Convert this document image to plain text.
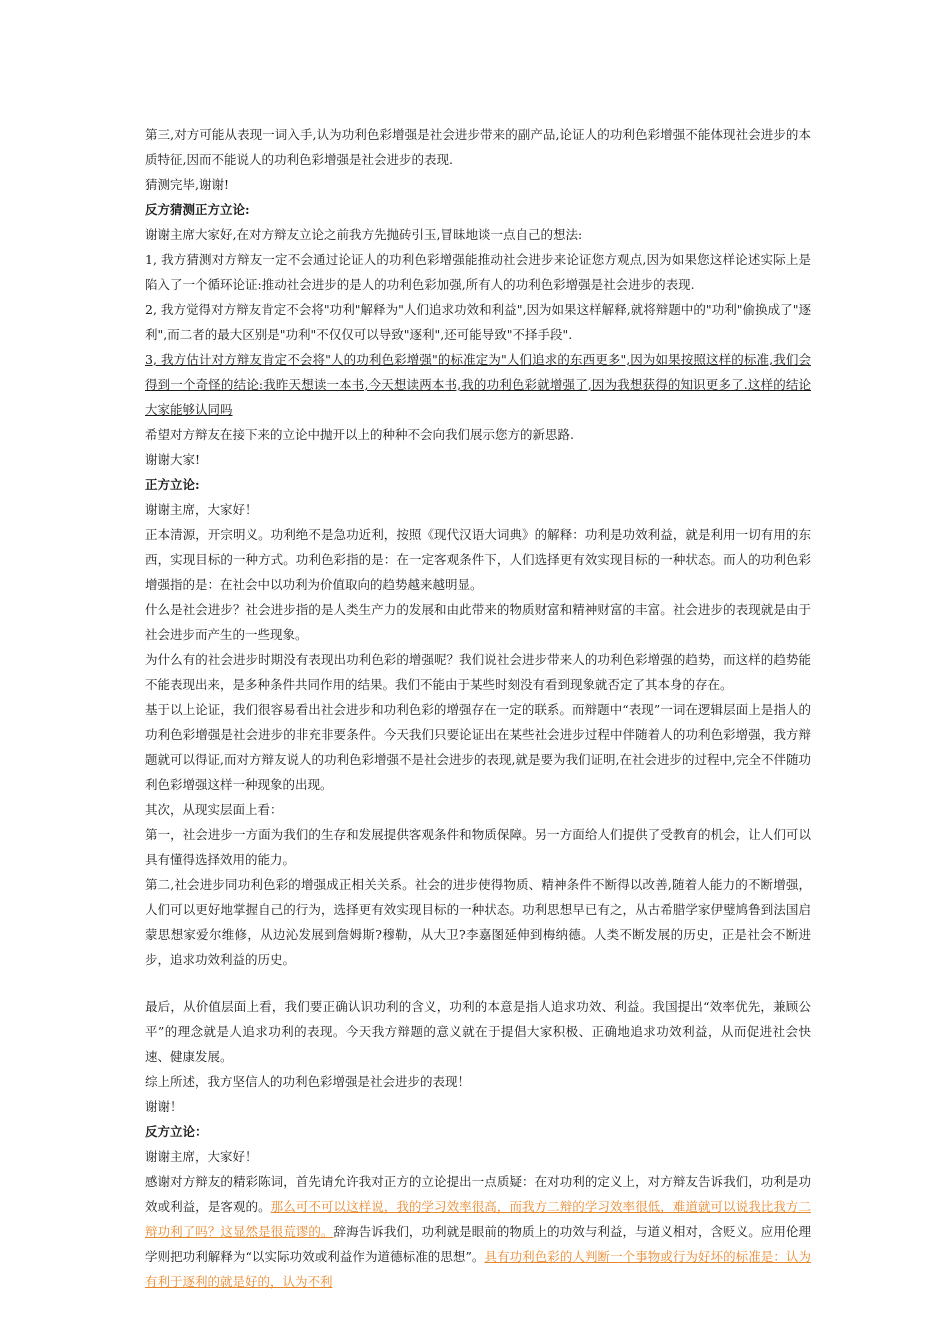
第三,对方可能从表现一词入手,认为功利色彩增强是社会进步带来的副产品,论证人的功利色彩增强不能体现社会进步的本质特征,因而不能说人的功利色彩增强是社会进步的表现.

猜测完毕,谢谢!

反方猜测正方立论:

谢谢主席大家好,在对方辩友立论之前我方先抛砖引玉,冒昧地谈一点自己的想法:

1, 我方猜测对方辩友一定不会通过论证人的功利色彩增强能推动社会进步来论证您方观点,因为如果您这样论述实际上是陷入了一个循环论证:推动社会进步的是人的功利色彩加强,所有人的功利色彩增强是社会进步的表现.

2, 我方觉得对方辩友肯定不会将"功利"解释为"人们追求功效和利益",因为如果这样解释,就将辩题中的"功利"偷换成了"逐利",而二者的最大区别是"功利"不仅仅可以导致"逐利",还可能导致"不择手段".

3, 我方估计对方辩友肯定不会将"人的功利色彩增强"的标准定为"人们追求的东西更多",因为如果按照这样的标准,我们会得到一个奇怪的结论:我昨天想读一本书,今天想读两本书,我的功利色彩就增强了,因为我想获得的知识更多了.这样的结论大家能够认同吗

希望对方辩友在接下来的立论中抛开以上的种种不会向我们展示您方的新思路.

谢谢大家!

正方立论:

谢谢主席，大家好！

正本清源，开宗明义。功利绝不是急功近利，按照《现代汉语大词典》的解释：功利是功效利益，就是利用一切有用的东西，实现目标的一种方式。功利色彩指的是：在一定客观条件下，人们选择更有效实现目标的一种状态。而人的功利色彩增强指的是：在社会中以功利为价值取向的趋势越来越明显。

什么是社会进步？社会进步指的是人类生产力的发展和由此带来的物质财富和精神财富的丰富。社会进步的表现就是由于社会进步而产生的一些现象。

为什么有的社会进步时期没有表现出功利色彩的增强呢？我们说社会进步带来人的功利色彩增强的趋势，而这样的趋势能不能表现出来，是多种条件共同作用的结果。我们不能由于某些时刻没有看到现象就否定了其本身的存在。

基于以上论证，我们很容易看出社会进步和功利色彩的增强存在一定的联系。而辩题中“表现”一词在逻辑层面上是指人的功利色彩增强是社会进步的非充非要条件。今天我们只要论证出在某些社会进步过程中伴随着人的功利色彩增强，我方辩题就可以得证,而对方辩友说人的功利色彩增强不是社会进步的表现,就是要为我们证明,在社会进步的过程中,完全不伴随功利色彩增强这样一种现象的出现。

其次，从现实层面上看：

第一，社会进步一方面为我们的生存和发展提供客观条件和物质保障。另一方面给人们提供了受教育的机会，让人们可以具有懂得选择效用的能力。

第二,社会进步同功利色彩的增强成正相关关系。社会的进步使得物质、精神条件不断得以改善,随着人能力的不断增强，人们可以更好地掌握自己的行为，选择更有效实现目标的一种状态。功利思想早已有之，从古希腊学家伊璧鸠鲁到法国启蒙思想家爱尔维修，从边沁发展到詹姆斯?穆勒，从大卫?李嘉图延伸到梅纳德。人类不断发展的历史，正是社会不断进步，追求功效利益的历史。

最后，从价值层面上看，我们要正确认识功利的含义，功利的本意是指人追求功效、利益。我国提出“效率优先，兼顾公平”的理念就是人追求功利的表现。今天我方辩题的意义就在于提倡大家积极、正确地追求功效利益，从而促进社会快速、健康发展。

综上所述，我方坚信人的功利色彩增强是社会进步的表现！

谢谢！

反方立论：

谢谢主席，大家好！

感谢对方辩友的精彩陈词，首先请允许我对正方的立论提出一点质疑：在对功利的定义上，对方辩友告诉我们，功利是功效或利益，是客观的。那么可不可以这样说，我的学习效率很高，而我方二辩的学习效率很低，难道就可以说我比我方二辩功利了吗？这显然是很荒谬的。辞海告诉我们，功利就是眼前的物质上的功效与利益，与道义相对，含贬义。应用伦理学则把功利解释为“以实际功效或利益作为道德标准的思想”。具有功利色彩的人判断一个事物或行为好坏的标准是：认为有利于逐利的就是好的，认为不利
